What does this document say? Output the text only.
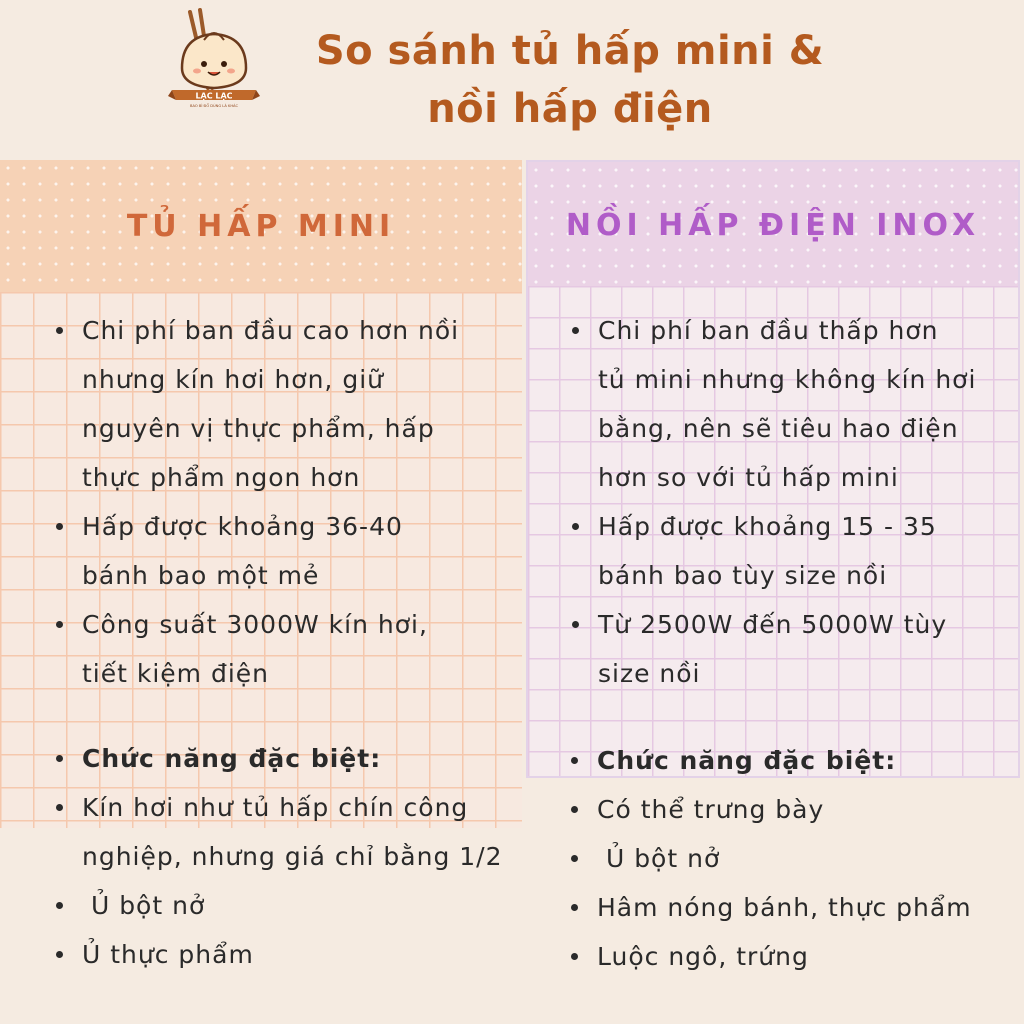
LẠC LẠC
BAO BÌ ĐỒ DÙNG LÀ KHÁC
So sánh tủ hấp mini &
nồi hấp điện
TỦ HẤP MINI	NỒI HẤP ĐIỆN INOX
Chi phí ban đầu cao hơn nồi
nhưng kín hơi hơn, giữ
nguyên vị thực phẩm, hấp
thực phẩm ngon hơn
Hấp được khoảng 36-40
bánh bao một mẻ
Công suất 3000W kín hơi,
tiết kiệm điện
Chức năng đặc biệt:
Kín hơi như tủ hấp chín công
nghiệp, nhưng giá chỉ bằng 1/2
Ủ bột nở
Ủ thực phẩm
Chi phí ban đầu thấp hơn
tủ mini nhưng không kín hơi
bằng, nên sẽ tiêu hao điện
hơn so với tủ hấp mini
Hấp được khoảng 15 - 35
bánh bao tùy size nồi
Từ 2500W đến 5000W tùy
size nồi
Chức năng đặc biệt:
Có thể trưng bày
Ủ bột nở
Hâm nóng bánh, thực phẩm
Luộc ngô, trứng
